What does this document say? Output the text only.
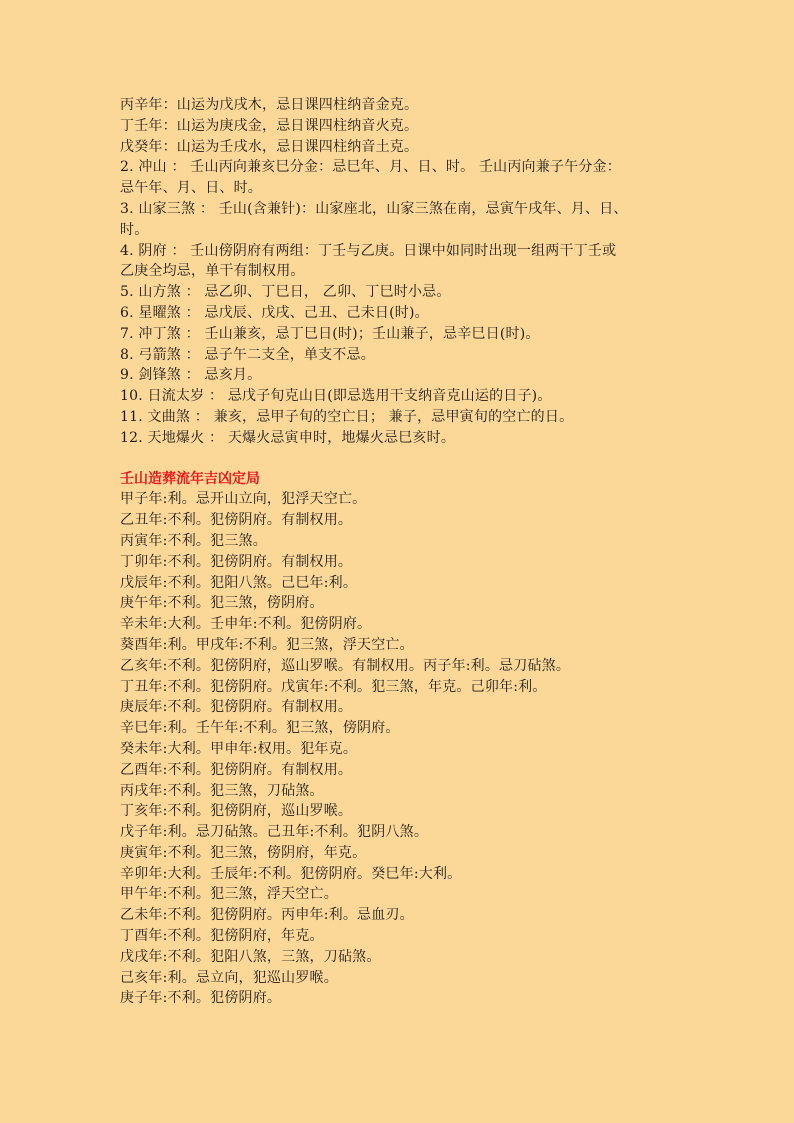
丙辛年：山运为戊戌木，忌日课四柱纳音金克。
丁壬年：山运为庚戌金，忌日课四柱纳音火克。
戊癸年：山运为壬戌水，忌日课四柱纳音土克。
2. 冲山 ： 壬山丙向兼亥巳分金：忌巳年、月、日、时。 壬山丙向兼子午分金：
忌午年、月、日、时。
3. 山家三煞 ： 壬山(含兼针)：山家座北，山家三煞在南，忌寅午戌年、月、日、
时。
4. 阴府 ： 壬山傍阴府有两组：丁壬与乙庚。日课中如同时出现一组两干丁壬或
乙庚全均忌，单干有制权用。
5. 山方煞 ： 忌乙卯、丁巳日， 乙卯、丁巳时小忌。
6. 星曜煞 ： 忌戊辰、戊戌、己丑、己未日(时)。
7. 冲丁煞 ： 壬山兼亥，忌丁巳日(时)；壬山兼子，忌辛巳日(时)。
8. 弓箭煞 ： 忌子午二支全，单支不忌。
9. 剑锋煞 ： 忌亥月。
10. 日流太岁 ： 忌戊子旬克山日(即忌选用干支纳音克山运的日子)。
11. 文曲煞 ： 兼亥，忌甲子旬的空亡日； 兼子，忌甲寅旬的空亡的日。
12. 天地爆火 ： 天爆火忌寅申时，地爆火忌巳亥时。
壬山造葬流年吉凶定局
甲子年:利。忌开山立向，犯浮天空亡。
乙丑年:不利。犯傍阴府。有制权用。
丙寅年:不利。犯三煞。
丁卯年:不利。犯傍阴府。有制权用。
戊辰年:不利。犯阳八煞。己巳年:利。
庚午年:不利。犯三煞，傍阴府。
辛未年:大利。壬申年:不利。犯傍阴府。
葵酉年:利。甲戌年:不利。犯三煞，浮天空亡。
乙亥年:不利。犯傍阴府，巡山罗喉。有制权用。丙子年:利。忌刀砧煞。
丁丑年:不利。犯傍阴府。戊寅年:不利。犯三煞，年克。己卯年:利。
庚辰年:不利。犯傍阴府。有制权用。
辛巳年:利。壬午年:不利。犯三煞，傍阴府。
癸未年:大利。甲申年:权用。犯年克。
乙酉年:不利。犯傍阴府。有制权用。
丙戌年:不利。犯三煞，刀砧煞。
丁亥年:不利。犯傍阴府，巡山罗喉。
戊子年:利。忌刀砧煞。己丑年:不利。犯阴八煞。
庚寅年:不利。犯三煞，傍阴府，年克。
辛卯年:大利。壬辰年:不利。犯傍阴府。癸巳年:大利。
甲午年:不利。犯三煞，浮天空亡。
乙未年:不利。犯傍阴府。丙申年:利。忌血刃。
丁酉年:不利。犯傍阴府，年克。
戊戌年:不利。犯阳八煞，三煞，刀砧煞。
己亥年:利。忌立向，犯巡山罗喉。
庚子年:不利。犯傍阴府。
